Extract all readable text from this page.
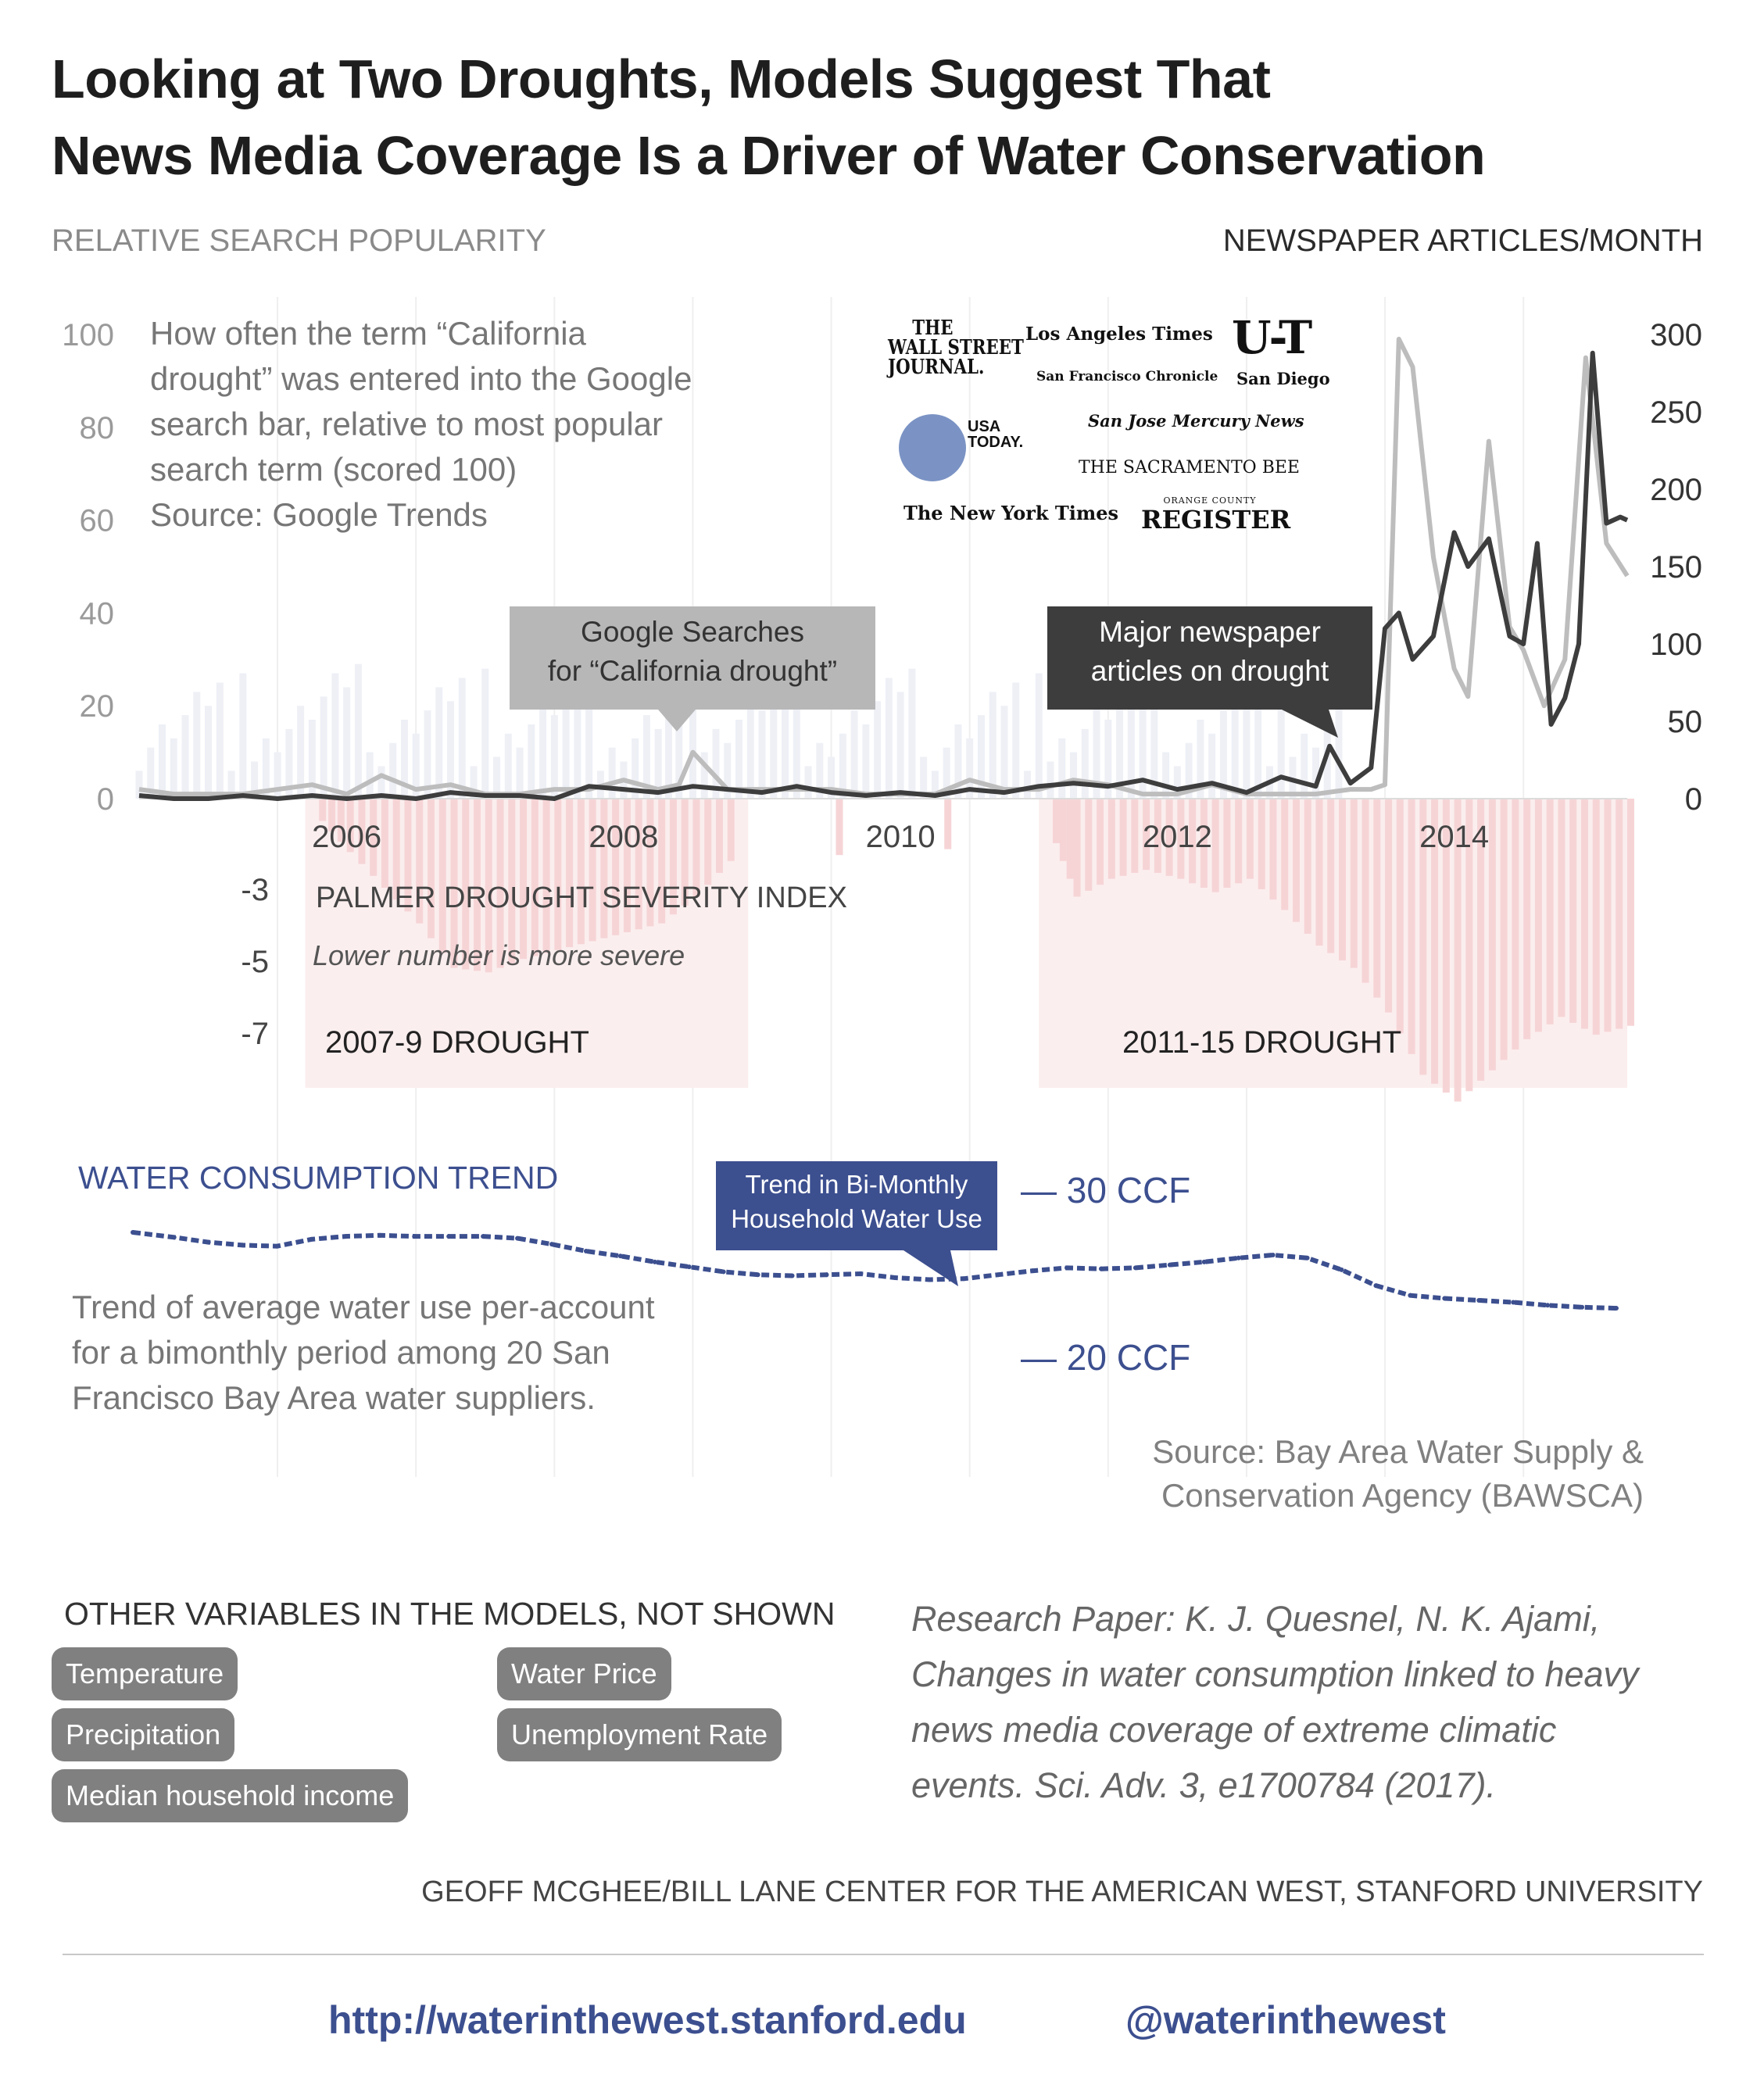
Looking at Two Droughts, Models Suggest That
News Media Coverage Is a Driver of Water Conservation
RELATIVE SEARCH POPULARITY	NEWSPAPER ARTICLES/MONTH
100
80
60
40
20
0
300
250
200
150
100
50
0
2006	2008	2010	2012	2014
-3
-5
-7
How often the term “California
drought” was entered into the Google
search bar, relative to most popular
search term (scored 100)
Source: Google Trends
THE
WALL STREET
JOURNAL.
Los Angeles Times
San Francisco Chronicle
U-T
San Diego
USA
TODAY.
San Jose Mercury News
THE SACRAMENTO BEE
The New York Times
ORANGE COUNTY
REGISTER
Google Searches
for “California drought”
Major newspaper
articles on drought
PALMER DROUGHT SEVERITY INDEX
Lower number is more severe
2007-9 DROUGHT	2011-15 DROUGHT
WATER CONSUMPTION TREND
Trend of average water use per-account
for a bimonthly period among 20 San
Francisco Bay Area water suppliers.
Trend in Bi-Monthly
Household Water Use
— 30 CCF
— 20 CCF
Source: Bay Area Water Supply &
Conservation Agency (BAWSCA)
OTHER VARIABLES IN THE MODELS, NOT SHOWN
Temperature	Water Price
Precipitation	Unemployment Rate
Median household income
Research Paper: K. J. Quesnel, N. K. Ajami,
Changes in water consumption linked to heavy
news media coverage of extreme climatic
events. Sci. Adv. 3, e1700784 (2017).
GEOFF MCGHEE/BILL LANE CENTER FOR THE AMERICAN WEST, STANFORD UNIVERSITY
http://waterinthewest.stanford.edu	@waterinthewest
